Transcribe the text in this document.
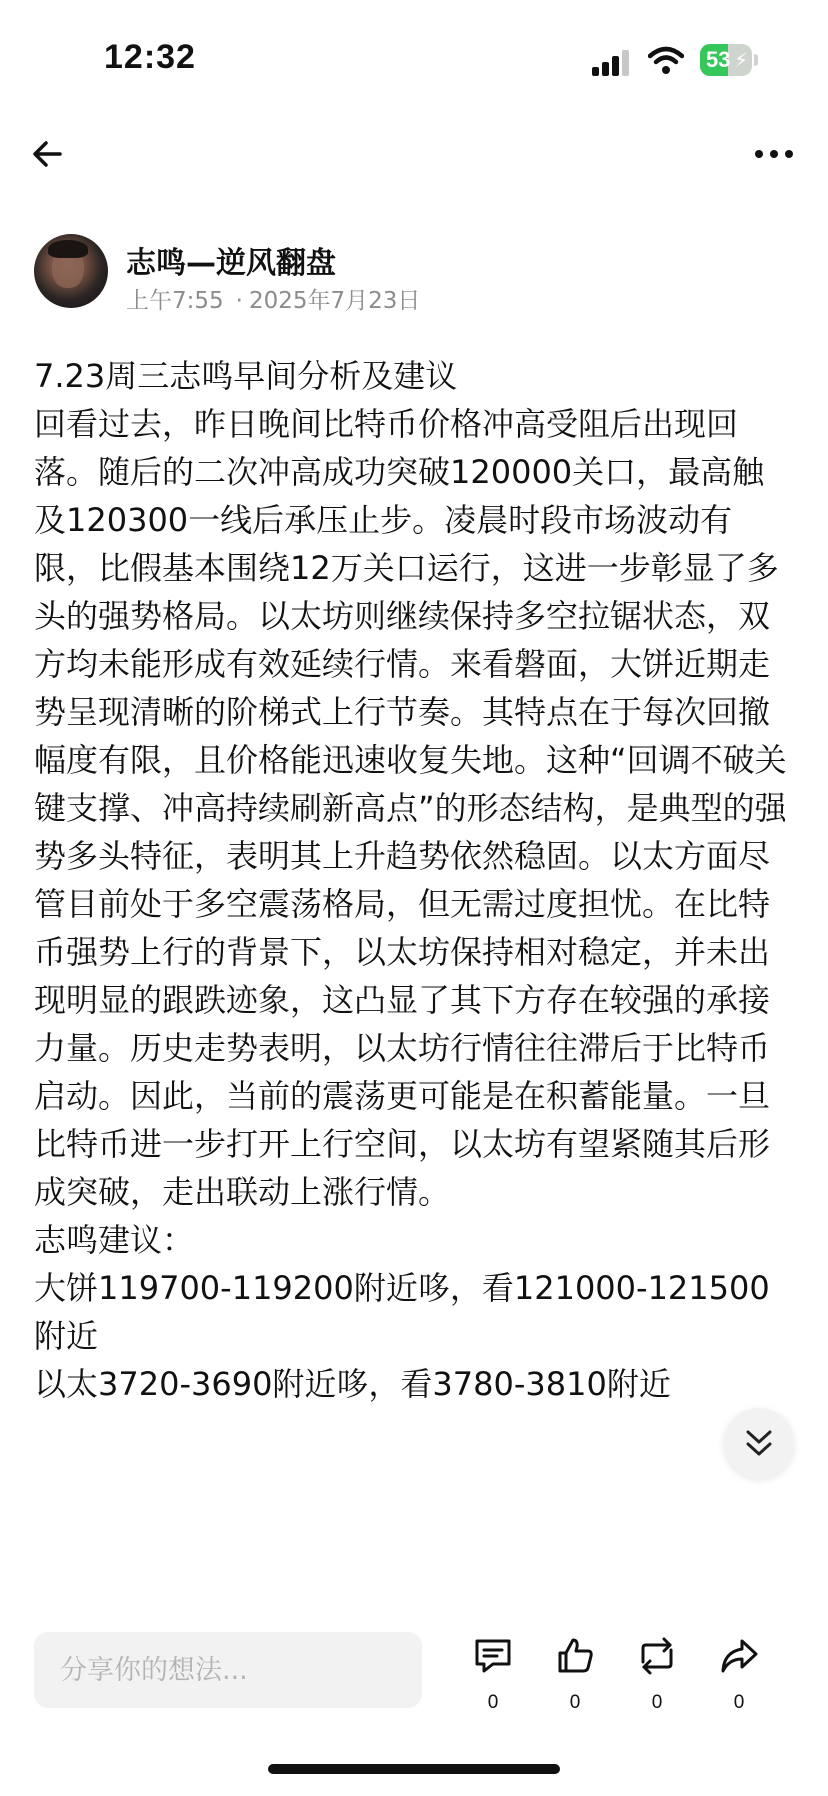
12:32	53 ⚡
志鸣—逆风翻盘
上午7:55 · 2025年7月23日

7.23周三志鸣早间分析及建议

回看过去，昨日晚间比特币价格冲高受阻后出现回落。随后的二次冲高成功突破120000关口，最高触及120300一线后承压止步。凌晨时段市场波动有限，比假基本围绕12万关口运行，这进一步彰显了多头的强势格局。以太坊则继续保持多空拉锯状态，双方均未能形成有效延续行情。来看磐面，大饼近期走势呈现清晰的阶梯式上行节奏。其特点在于每次回撤幅度有限，且价格能迅速收复失地。这种“回调不破关键支撑、冲高持续刷新高点”的形态结构，是典型的强势多头特征，表明其上升趋势依然稳固。以太方面尽管目前处于多空震荡格局，但无需过度担忧。在比特币强势上行的背景下，以太坊保持相对稳定，并未出现明显的跟跌迹象，这凸显了其下方存在较强的承接力量。历史走势表明，以太坊行情往往滞后于比特币启动。因此，当前的震荡更可能是在积蓄能量。一旦比特币进一步打开上行空间，以太坊有望紧随其后形成突破，走出联动上涨行情。

志鸣建议：

大饼119700-119200附近哆，看121000-121500附近

以太3720-3690附近哆，看3780-3810附近

分享你的想法...
0	0	0	0
